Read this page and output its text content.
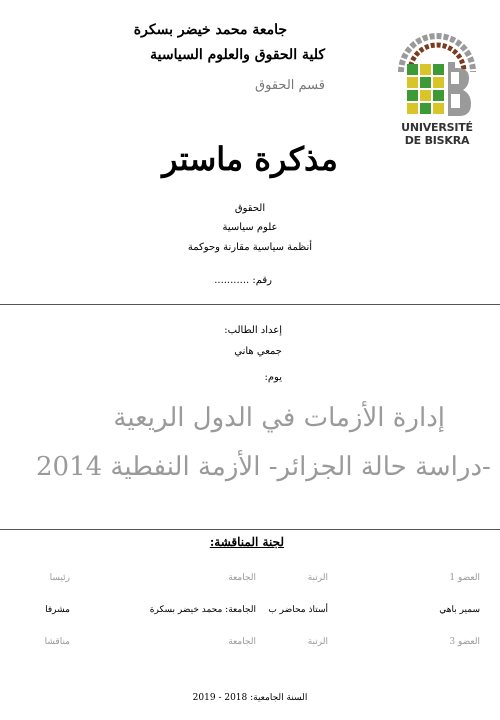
جامعة محمد خيضر بسكرة
كلية الحقوق والعلوم السياسية
قسم الحقوق
UNIVERSITÉ
DE BISKRA
مذكرة ماستر
الحقوق
علوم سياسية
أنظمة سياسية مقارنة وحوكمة
رقم: ...........
إعداد الطالب:
جمعي هاني
يوم:
إدارة الأزمات في الدول الريعية
-دراسة حالة الجزائر- الأزمة النفطية 2014
لجنة المناقشة:
العضو 1
الرتبة
الجامعة
رئيسا
سمير باهي
أستاذ محاضر ب
الجامعة: محمد خيضر بسكرة
مشرفا
العضو 3
الرتبة
الجامعة
مناقشا
السنة الجامعية: 2018 - 2019
